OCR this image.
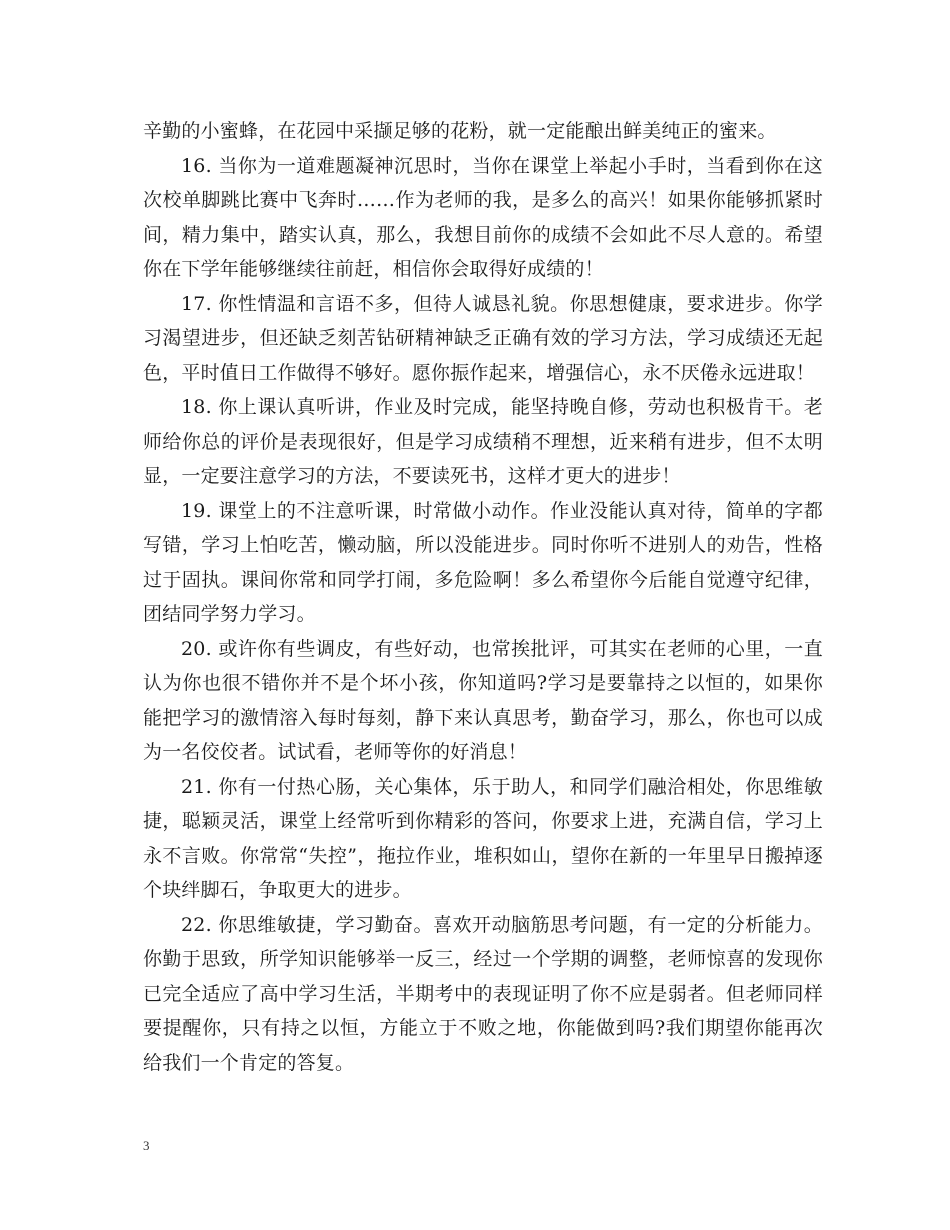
辛勤的小蜜蜂，在花园中采撷足够的花粉，就一定能酿出鲜美纯正的蜜来。

16. 当你为一道难题凝神沉思时，当你在课堂上举起小手时，当看到你在这次校单脚跳比赛中飞奔时……作为老师的我，是多么的高兴！如果你能够抓紧时间，精力集中，踏实认真，那么，我想目前你的成绩不会如此不尽人意的。希望你在下学年能够继续往前赶，相信你会取得好成绩的！

17. 你性情温和言语不多，但待人诚恳礼貌。你思想健康，要求进步。你学习渴望进步，但还缺乏刻苦钻研精神缺乏正确有效的学习方法，学习成绩还无起色，平时值日工作做得不够好。愿你振作起来，增强信心，永不厌倦永远进取！

18. 你上课认真听讲，作业及时完成，能坚持晚自修，劳动也积极肯干。老师给你总的评价是表现很好，但是学习成绩稍不理想，近来稍有进步，但不太明显，一定要注意学习的方法，不要读死书，这样才更大的进步！

19. 课堂上的不注意听课，时常做小动作。作业没能认真对待，简单的字都写错，学习上怕吃苦，懒动脑，所以没能进步。同时你听不进别人的劝告，性格过于固执。课间你常和同学打闹，多危险啊！多么希望你今后能自觉遵守纪律，团结同学努力学习。

20. 或许你有些调皮，有些好动，也常挨批评，可其实在老师的心里，一直认为你也很不错你并不是个坏小孩，你知道吗?学习是要靠持之以恒的，如果你能把学习的激情溶入每时每刻，静下来认真思考，勤奋学习，那么，你也可以成为一名佼佼者。试试看，老师等你的好消息！

21. 你有一付热心肠，关心集体，乐于助人，和同学们融洽相处，你思维敏捷，聪颖灵活，课堂上经常听到你精彩的答问，你要求上进，充满自信，学习上永不言败。你常常“失控”，拖拉作业，堆积如山，望你在新的一年里早日搬掉逐个块绊脚石，争取更大的进步。

22. 你思维敏捷，学习勤奋。喜欢开动脑筋思考问题，有一定的分析能力。你勤于思致，所学知识能够举一反三，经过一个学期的调整，老师惊喜的发现你已完全适应了高中学习生活，半期考中的表现证明了你不应是弱者。但老师同样要提醒你，只有持之以恒，方能立于不败之地，你能做到吗?我们期望你能再次给我们一个肯定的答复。

3
